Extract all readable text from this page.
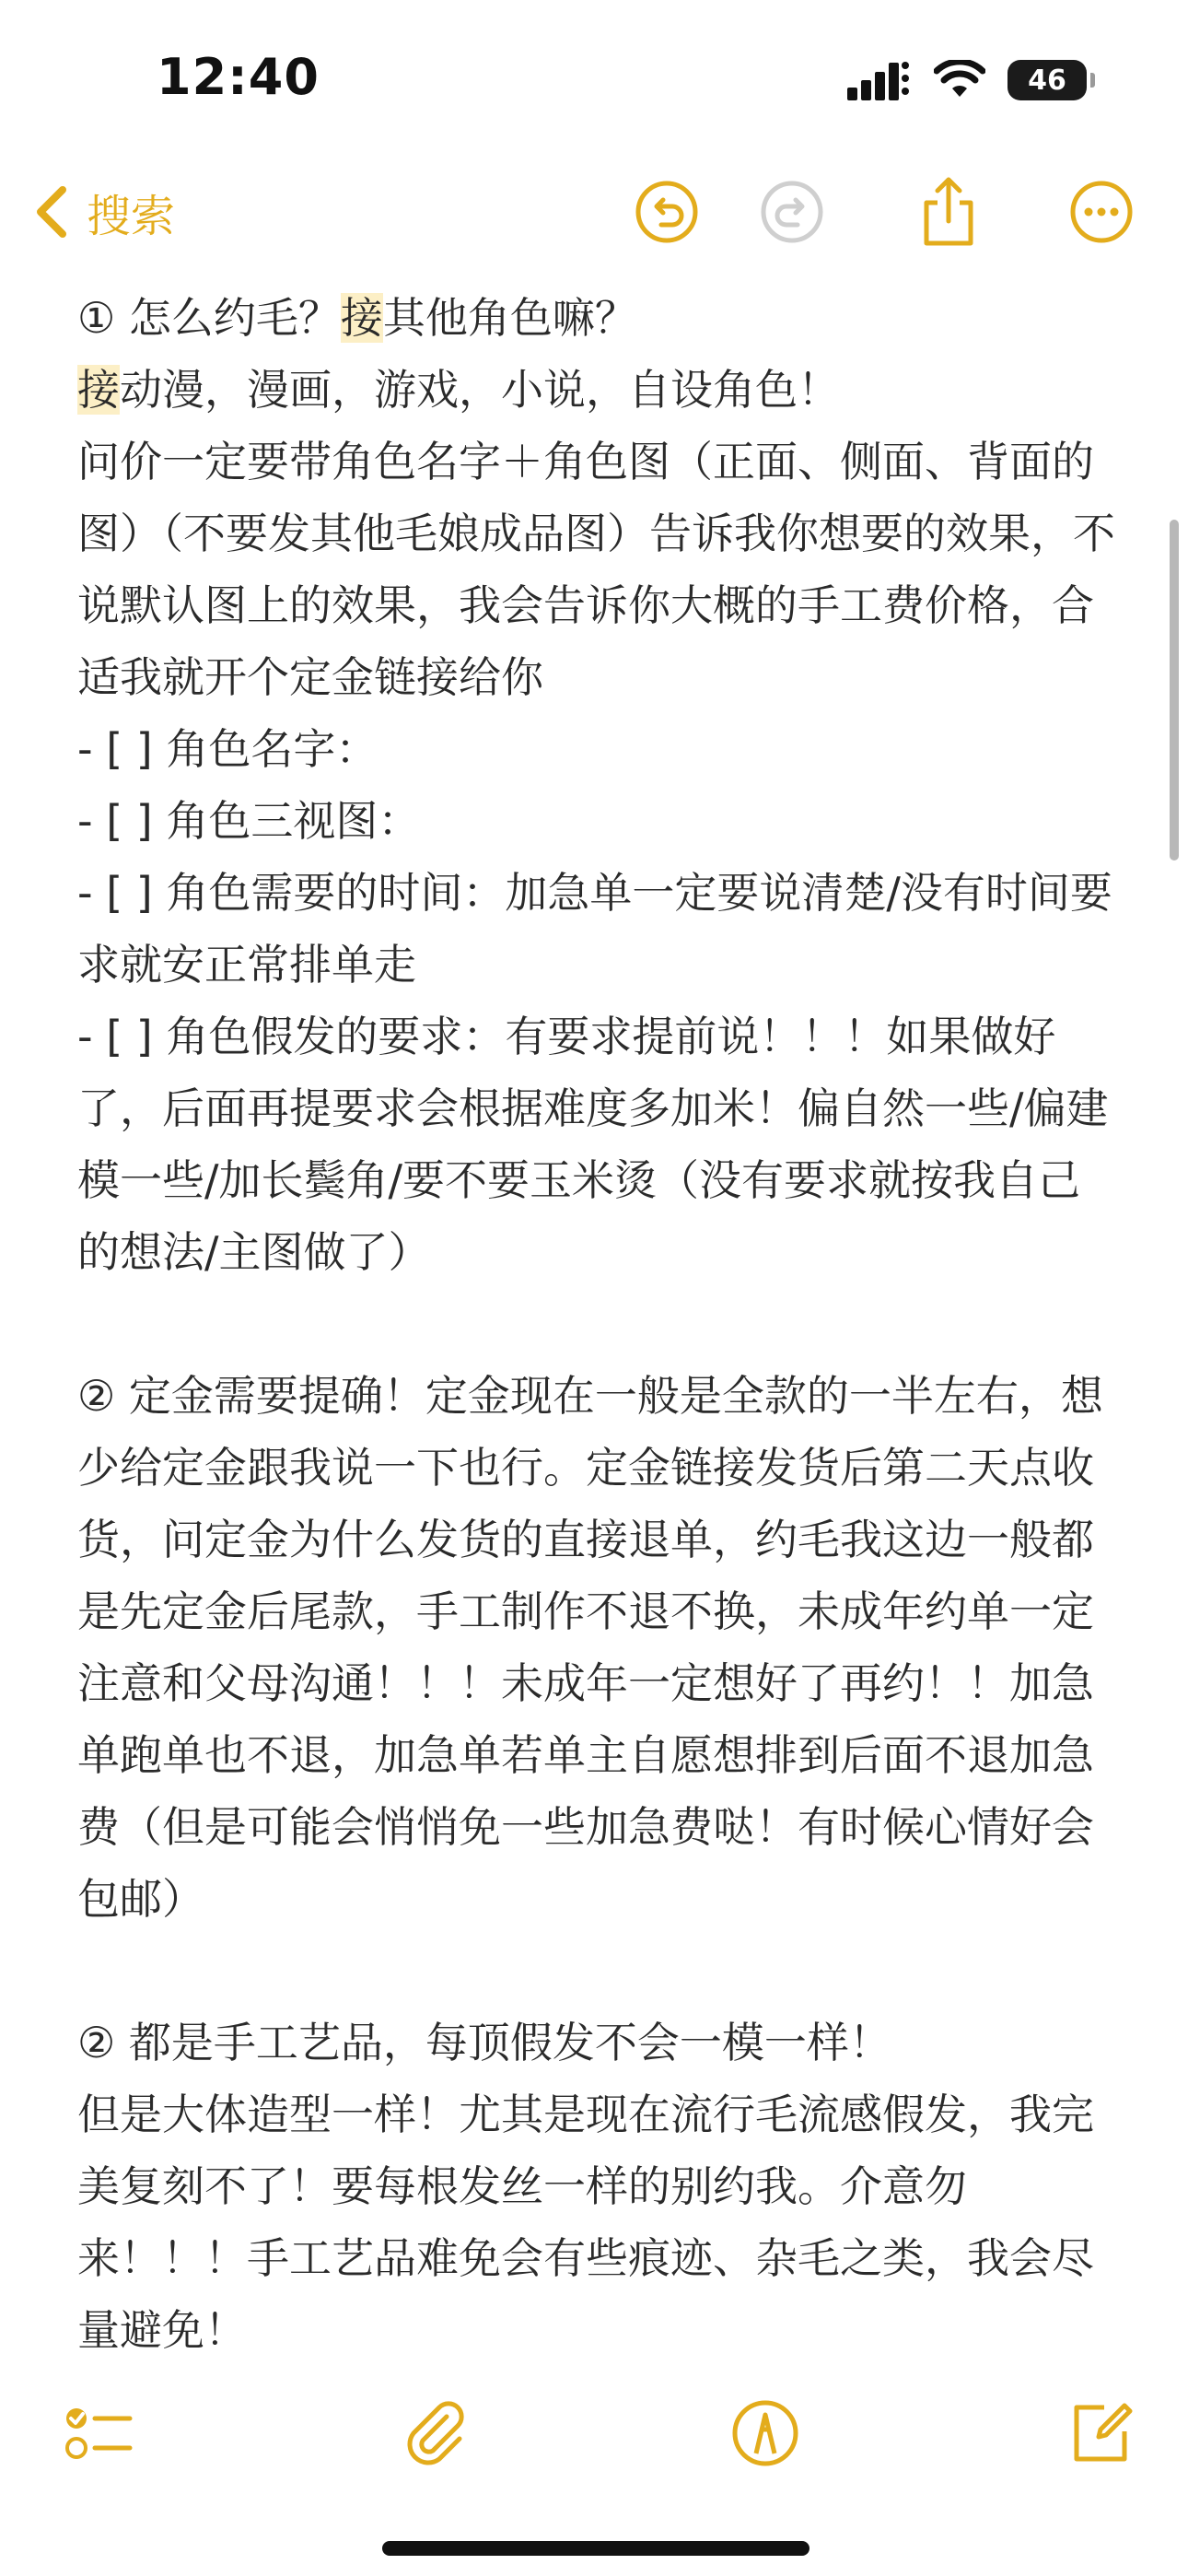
12:40	46
搜索

① 怎么约毛？接其他角色嘛？

接动漫，漫画，游戏，小说，自设角色！

问价一定要带角色名字＋角色图（正面、侧面、背面的图）（不要发其他毛娘成品图）告诉我你想要的效果，不说默认图上的效果，我会告诉你大概的手工费价格，合适我就开个定金链接给你

- [ ] 角色名字：

- [ ] 角色三视图：

- [ ] 角色需要的时间：加急单一定要说清楚/没有时间要求就安正常排单走

- [ ] 角色假发的要求：有要求提前说！！！如果做好了，后面再提要求会根据难度多加米！偏自然一些/偏建模一些/加长鬓角/要不要玉米烫（没有要求就按我自己的想法/主图做了）

② 定金需要提确！定金现在一般是全款的一半左右，想少给定金跟我说一下也行。定金链接发货后第二天点收货，问定金为什么发货的直接退单，约毛我这边一般都是先定金后尾款，手工制作不退不换，未成年约单一定注意和父母沟通！！！未成年一定想好了再约！！加急单跑单也不退，加急单若单主自愿想排到后面不退加急费（但是可能会悄悄免一些加急费哒！有时候心情好会包邮）

② 都是手工艺品，每顶假发不会一模一样！

但是大体造型一样！尤其是现在流行毛流感假发，我完美复刻不了！要每根发丝一样的别约我。介意勿来！！！手工艺品难免会有些痕迹、杂毛之类，我会尽量避免！
